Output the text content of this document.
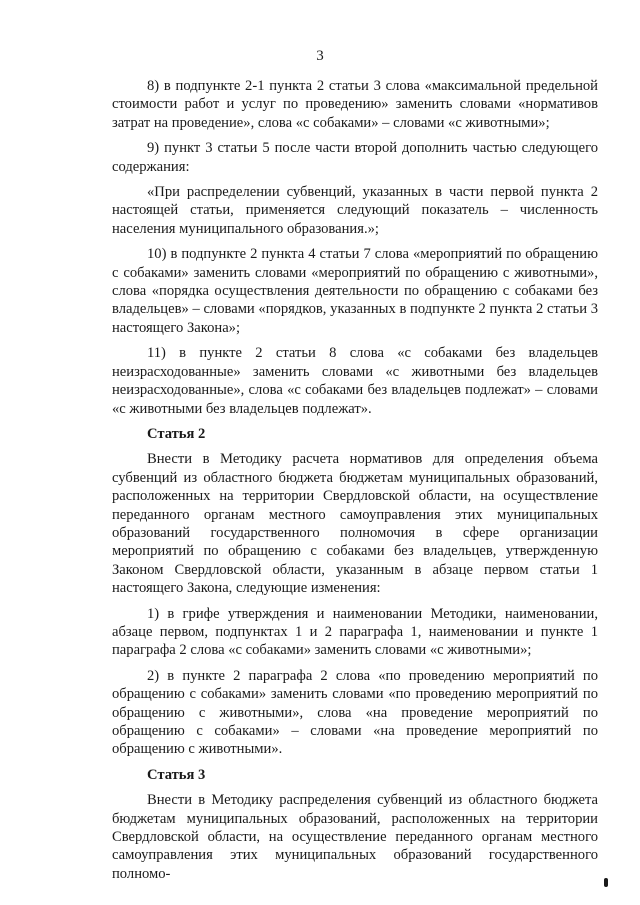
3

8) в подпункте 2-1 пункта 2 статьи 3 слова «максимальной предельной стоимости работ и услуг по проведению» заменить словами «нормативов затрат на проведение», слова «с собаками» – словами «с животными»;

9) пункт 3 статьи 5 после части второй дополнить частью следующего содержания:

«При распределении субвенций, указанных в части первой пункта 2 настоящей статьи, применяется следующий показатель – численность населения муниципального образования.»;

10) в подпункте 2 пункта 4 статьи 7 слова «мероприятий по обращению с собаками» заменить словами «мероприятий по обращению с животными», слова «порядка осуществления деятельности по обращению с собаками без владельцев» – словами «порядков, указанных в подпункте 2 пункта 2 статьи 3 настоящего Закона»;

11) в пункте 2 статьи 8 слова «с собаками без владельцев неизрасходованные» заменить словами «с животными без владельцев неизрасходованные», слова «с собаками без владельцев подлежат» – словами «с животными без владельцев подлежат».

Статья 2

Внести в Методику расчета нормативов для определения объема субвенций из областного бюджета бюджетам муниципальных образований, расположенных на территории Свердловской области, на осуществление переданного органам местного самоуправления этих муниципальных образований государственного полномочия в сфере организации мероприятий по обращению с собаками без владельцев, утвержденную Законом Свердловской области, указанным в абзаце первом статьи 1 настоящего Закона, следующие изменения:

1) в грифе утверждения и наименовании Методики, наименовании, абзаце первом, подпунктах 1 и 2 параграфа 1, наименовании и пункте 1 параграфа 2 слова «с собаками» заменить словами «с животными»;

2) в пункте 2 параграфа 2 слова «по проведению мероприятий по обращению с собаками» заменить словами «по проведению мероприятий по обращению с животными», слова «на проведение мероприятий по обращению с собаками» – словами «на проведение мероприятий по обращению с животными».

Статья 3

Внести в Методику распределения субвенций из областного бюджета бюджетам муниципальных образований, расположенных на территории Свердловской области, на осуществление переданного органам местного самоуправления этих муниципальных образований государственного полномо-
